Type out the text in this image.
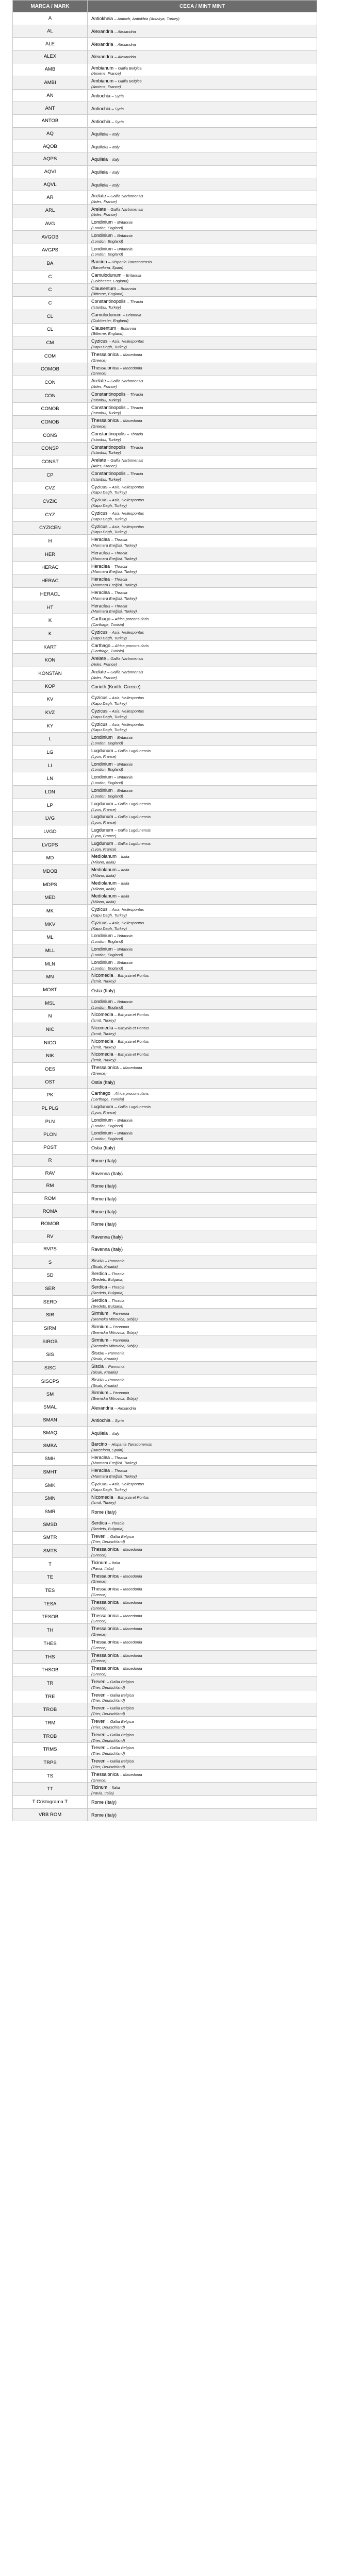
MARCA / MARK	CECA / MINT MINT
A	Antiokheia – Antioch, Antiokhia (Antakya, Turkey)
AL	Alexandria – Alexandria
ALE	Alexandria – Alexandria
ALEX	Alexandria – Alexandria
AMB	Ambianum – Gallia Belgica
(Amiens, France)

AMBI	Ambianum – Gallia Belgica
(Amiens, France)

AN	Antiochia – Syria
ANT	Antiochia – Syria
ANTOB	Antiochia – Syria
AQ	Aquileia – Italy
AQOB	Aquileia – Italy
AQPS	Aquileia – Italy
AQVI	Aquileia – Italy
AQVL	Aquileia – Italy
AR	Arelate – Gallia Narbonensis
(Arles, France)

ARL	Arelate – Gallia Narbonensis
(Arles, France)

AVG	Londinium – Britannia
(London, England)

AVGOB	Londinium – Britannia
(London, England)

AVGPS	Londinium – Britannia
(London, England)

BA	Barcino – Hispania Tarraconensis
(Barcelona, Spain)

C	Camulodunum – Britannia
(Colchester, England)

C	Clausentum – Britannia
(Bitterne, England)

C	Constantinopolis – Thracia
(Istanbul, Turkey)

CL	Camulodunum – Britannia
(Colchester, England)

CL	Clausentum – Britannia
(Bitterne, England)

CM	Cyzicus – Asia, Hellespontus
(Kapu Dagh, Turkey)

COM	Thessalonica – Macedonia
(Greece)

COMOB	Thessalonica – Macedonia
(Greece)

CON	Arelate – Gallia Narbonensis
(Arles, France)

CON	Constantinopolis – Thracia
(Istanbul, Turkey)

CONOB	Constantinopolis – Thracia
(Istanbul, Turkey)

CONOB	Thessalonica – Macedonia
(Greece)

CONS	Constantinopolis – Thracia
(Istanbul, Turkey)

CONSP	Constantinopolis – Thracia
(Istanbul, Turkey)

CONST	Arelate – Gallia Narbonensis
(Arles, France)

CP	Constantinopolis – Thracia
(Istanbul, Turkey)

CVZ	Cyzicus – Asia, Hellespontus
(Kapu Dagh, Turkey)

CVZIC	Cyzicus – Asia, Hellespontus
(Kapu Dagh, Turkey)

CYZ	Cyzicus – Asia, Hellespontus
(Kapu Dagh, Turkey)

CYZICEN	Cyzicus – Asia, Hellespontus
(Kapu Dagh, Turkey)

H	Heraclea – Thracia
(Marmara Ereğlisi, Turkey)

HER	Heraclea – Thracia
(Marmara Ereğlisi, Turkey)

HERAC	Heraclea – Thracia
(Marmara Ereğlisi, Turkey)

HERAC	Heraclea – Thracia
(Marmara Ereğlisi, Turkey)

HERACL	Heraclea – Thracia
(Marmara Ereğlisi, Turkey)

HT	Heraclea – Thracia
(Marmara Ereğlisi, Turkey)

K	Carthago – Africa proconsularis
(Carthage, Tunisia)

K	Cyzicus – Asia, Hellespontus
(Kapu Dagh, Turkey)

KART	Carthago – Africa proconsularis
(Carthage, Tunisia)

KON	Arelate – Gallia Narbonensis
(Arles, France)

KONSTAN	Arelate – Gallia Narbonensis
(Arles, France)

KOP	Corinth (Korith, Greece)
KV	Cyzicus – Asia, Hellespontus
(Kapu Dagh, Turkey)

KVZ	Cyzicus – Asia, Hellespontus
(Kapu Dagh, Turkey)

KY	Cyzicus – Asia, Hellespontus
(Kapu Dagh, Turkey)

L	Londinium – Britannia
(London, England)

LG	Lugdunum – Gallia Lugdunensis
(Lyon, France)

LI	Londinium – Britannia
(London, England)

LN	Londinium – Britannia
(London, England)

LON	Londinium – Britannia
(London, England)

LP	Lugdunum – Gallia Lugdunensis
(Lyon, France)

LVG	Lugdunum – Gallia Lugdunensis
(Lyon, France)

LVGD	Lugdunum – Gallia Lugdunensis
(Lyon, France)

LVGPS	Lugdunum – Gallia Lugdunensis
(Lyon, France)

MD	Mediolanum – Italia
(Milano, Italia)

MDOB	Mediolanum – Italia
(Milano, Italia)

MDPS	Mediolanum – Italia
(Milano, Italia)

MED	Mediolanum – Italia
(Milano, Italia)

MK	Cyzicus – Asia, Hellespontus
(Kapu Dagh, Turkey)

MKV	Cyzicus – Asia, Hellespontus
(Kapu Dagh, Turkey)

ML	Londinium – Britannia
(London, England)

MLL	Londinium – Britannia
(London, England)

MLN	Londinium – Britannia
(London, England)

MN	Nicomedia – Bithynia et Pontus
(İzmit, Turkey)

MOST	Ostia (Italy)
MSL	Londinium – Britannia
(London, England)

N	Nicomedia – Bithynia et Pontus
(İzmit, Turkey)

NIC	Nicomedia – Bithynia et Pontus
(İzmit, Turkey)

NICO	Nicomedia – Bithynia et Pontus
(İzmit, Turkey)

NIK	Nicomedia – Bithynia et Pontus
(İzmit, Turkey)

OES	Thessalonica – Macedonia
(Greece)

OST	Ostia (Italy)
PK	Carthago – Africa proconsularis
(Carthage, Tunisia)

PL PLG	Lugdunum – Gallia Lugdunensis
(Lyon, France)

PLN	Londinium – Britannia
(London, England)

PLON	Londinium – Britannia
(London, England)

POST	Ostia (Italy)
R	Rome (Italy)
RAV	Ravenna (Italy)
RM	Rome (Italy)
ROM	Rome (Italy)
ROMA	Rome (Italy)
ROMOB	Rome (Italy)
RV	Ravenna (Italy)
RVPS	Ravenna (Italy)
S	Siscia – Pannonia
(Sisak, Kroatia)

SD	Serdica – Thracia
(Sredets, Bulgaria)

SER	Serdica – Thracia
(Sredets, Bulgaria)

SERD	Serdica – Thracia
(Sredets, Bulgaria)

SIR	Sirmium – Pannonia
(Sremska Mitrovica, Srbija)

SIRM	Sirmium – Pannonia
(Sremska Mitrovica, Srbija)

SIROB	Sirmium – Pannonia
(Sremska Mitrovica, Srbija)

SIS	Siscia – Pannonia
(Sisak, Kroatia)

SISC	Siscia – Pannonia
(Sisak, Kroatia)

SISCPS	Siscia – Pannonia
(Sisak, Kroatia)

SM	Sirmium – Pannonia
(Sremska Mitrovica, Srbija)

SMAL	Alexandria – Alexandria
SMAN	Antiochia – Syria
SMAQ	Aquileia – Italy
SMBA	Barcino – Hispania Tarraconensis
(Barcelona, Spain)

SMH	Heraclea – Thracia
(Marmara Ereğlisi, Turkey)

SMHT	Heraclea – Thracia
(Marmara Ereğlisi, Turkey)

SMK	Cyzicus – Asia, Hellespontus
(Kapu Dagh, Turkey)

SMN	Nicomedia – Bithynia et Pontus
(İzmit, Turkey)

SMR	Rome (Italy)
SMSD	Serdica – Thracia
(Sredets, Bulgaria)

SMTR	Treveri – Gallia Belgica
(Trier, Deutschland)

SMTS	Thessalonica – Macedonia
(Greece)

T	Ticinum – Italia
(Pavia, Italia)

TE	Thessalonica – Macedonia
(Greece)

TES	Thessalonica – Macedonia
(Greece)

TESA	Thessalonica – Macedonia
(Greece)

TESOB	Thessalonica – Macedonia
(Greece)

TH	Thessalonica – Macedonia
(Greece)

THES	Thessalonica – Macedonia
(Greece)

THS	Thessalonica – Macedonia
(Greece)

THSOB	Thessalonica – Macedonia
(Greece)

TR	Treveri – Gallia Belgica
(Trier, Deutschland)

TRE	Treveri – Gallia Belgica
(Trier, Deutschland)

TROB	Treveri – Gallia Belgica
(Trier, Deutschland)

TRM	Treveri – Gallia Belgica
(Trier, Deutschland)

TROB	Treveri – Gallia Belgica
(Trier, Deutschland)

TRMS	Treveri – Gallia Belgica
(Trier, Deutschland)

TRPS	Treveri – Gallia Belgica
(Trier, Deutschland)

TS	Thessalonica – Macedonia
(Greece)

TT	Ticinum – Italia
(Pavia, Italia)

Τ Cristograma Τ	Rome (Italy)
VRB ROM	Rome (Italy)
